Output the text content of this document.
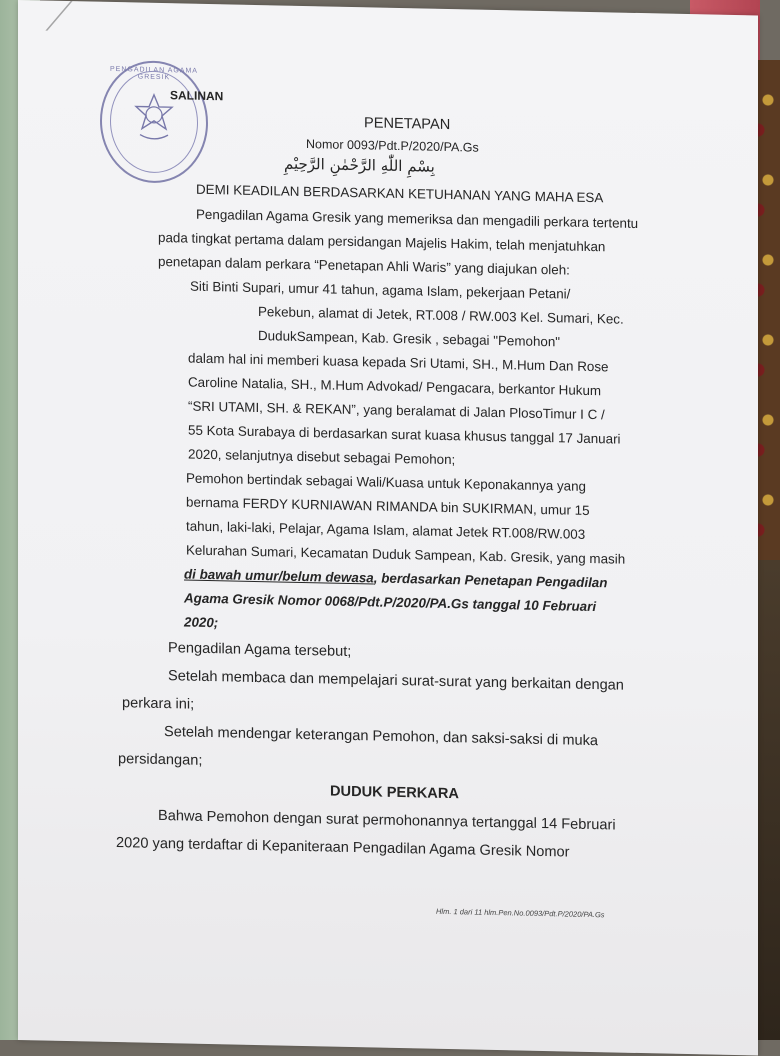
PENGADILAN AGAMA GRESIK
SALINAN
PENETAPAN
Nomor 0093/Pdt.P/2020/PA.Gs
بِسْمِ اللّٰهِ الرَّحْمٰنِ الرَّحِيْمِ
DEMI KEADILAN BERDASARKAN KETUHANAN YANG MAHA ESA
Pengadilan Agama Gresik yang memeriksa dan mengadili perkara tertentu
pada tingkat pertama dalam persidangan Majelis Hakim, telah menjatuhkan
penetapan dalam perkara “Penetapan Ahli Waris” yang diajukan oleh:
Siti Binti Supari, umur 41 tahun, agama Islam, pekerjaan Petani/
Pekebun, alamat di Jetek, RT.008 / RW.003 Kel. Sumari, Kec.
DudukSampean, Kab. Gresik , sebagai "Pemohon"
dalam hal ini memberi kuasa kepada Sri Utami, SH., M.Hum Dan Rose
Caroline Natalia, SH., M.Hum Advokad/ Pengacara, berkantor Hukum
“SRI UTAMI, SH. & REKAN”, yang beralamat di Jalan PlosoTimur I C /
55 Kota Surabaya di berdasarkan surat kuasa khusus tanggal 17 Januari
2020, selanjutnya disebut sebagai Pemohon;
Pemohon bertindak sebagai Wali/Kuasa untuk Keponakannya yang
bernama FERDY KURNIAWAN RIMANDA bin SUKIRMAN, umur 15
tahun, laki-laki, Pelajar, Agama Islam, alamat Jetek RT.008/RW.003
Kelurahan Sumari, Kecamatan Duduk Sampean, Kab. Gresik, yang masih
di bawah umur/belum dewasa, berdasarkan Penetapan Pengadilan
Agama Gresik Nomor 0068/Pdt.P/2020/PA.Gs tanggal 10 Februari
2020;
Pengadilan Agama tersebut;
Setelah membaca dan mempelajari surat-surat yang berkaitan dengan
perkara ini;
Setelah mendengar keterangan Pemohon, dan saksi-saksi di muka
persidangan;
DUDUK PERKARA
Bahwa Pemohon dengan surat permohonannya tertanggal 14 Februari
2020 yang terdaftar di Kepaniteraan Pengadilan Agama Gresik Nomor
Hlm. 1 dari 11 hlm.Pen.No.0093/Pdt.P/2020/PA.Gs
